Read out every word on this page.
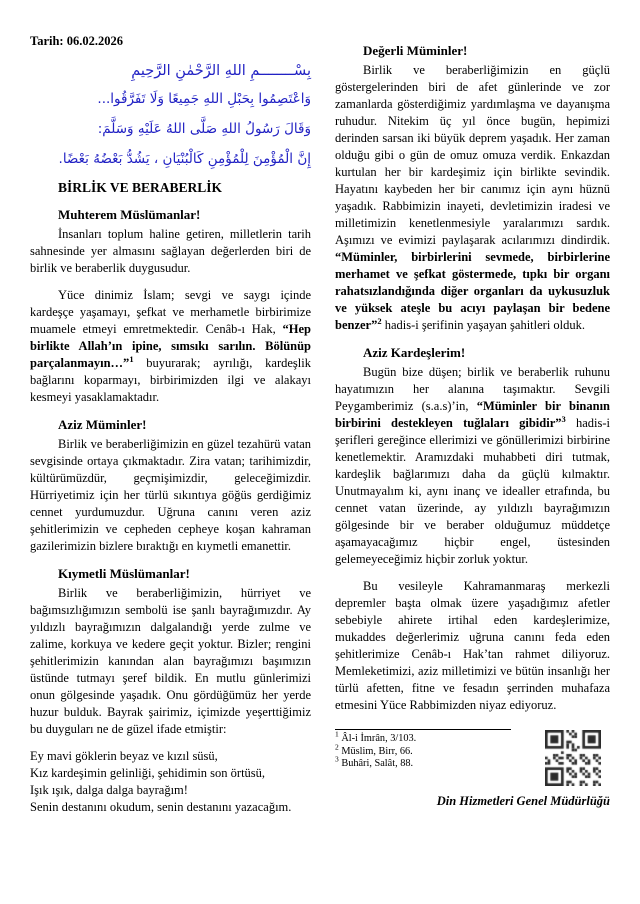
Tarih: 06.02.2026
بِسْــــــــمِ اللهِ الرَّحْمٰنِ الرَّحِيمِ
وَاعْتَصِمُوا بِحَبْلِ اللهِ جَمِيعًا وَلَا تَفَرَّقُوا...
وَقَالَ رَسُولُ اللهِ صَلَّى اللهُ عَلَيْهِ وَسَلَّمَ:
إِنَّ الْمُؤْمِنَ لِلْمُؤْمِنِ كَالْبُنْيَانِ ، يَشُدُّ بَعْضُهُ بَعْضًا.
BİRLİK VE BERABERLİK

Muhterem Müslümanlar!

İnsanları toplum haline getiren, milletlerin tarih sahnesinde yer almasını sağlayan değerlerden biri de birlik ve beraberlik duygusudur.

Yüce dinimiz İslam; sevgi ve saygı içinde kardeşçe yaşamayı, şefkat ve merhametle birbirimize muamele etmeyi emretmektedir. Cenâb-ı Hak, “Hep birlikte Allah’ın ipine, sımsıkı sarılın. Bölünüp parçalanmayın…”$^1$ buyurarak; ayrılığı, kardeşlik bağlarını koparmayı, birbirimizden ilgi ve alakayı kesmeyi yasaklamaktadır.

Aziz Müminler!

Birlik ve beraberliğimizin en güzel tezahürü vatan sevgisinde ortaya çıkmaktadır. Zira vatan; tarihimizdir, kültürümüzdür, geçmişimizdir, geleceğimizdir. Hürriyetimiz için her türlü sıkıntıya göğüs gerdiğimiz cennet yurdumuzdur. Uğruna canını veren aziz şehitlerimizin ve cepheden cepheye koşan kahraman gazilerimizin bizlere bıraktığı en kıymetli emanettir.

Kıymetli Müslümanlar!

Birlik ve beraberliğimizin, hürriyet ve bağımsızlığımızın sembolü ise şanlı bayrağımızdır. Ay yıldızlı bayrağımızın dalgalandığı yerde zulme ve zalime, korkuya ve kedere geçit yoktur. Bizler; rengini şehitlerimizin kanından alan bayrağımızı başımızın üstünde tutmayı şeref bildik. En mutlu günlerimizi onun gölgesinde yaşadık. Onu gördüğümüz her yerde huzur bulduk. Bayrak şairimiz, içimizde yeşerttiğimiz bu duyguları ne de güzel ifade etmiştir:

Ey mavi göklerin beyaz ve kızıl süsü,

Kız kardeşimin gelinliği, şehidimin son örtüsü,

Işık ışık, dalga dalga bayrağım!

Senin destanını okudum, senin destanını yazacağım.

Değerli Müminler!

Birlik ve beraberliğimizin en güçlü göstergelerinden biri de afet günlerinde ve zor zamanlarda gösterdiğimiz yardımlaşma ve dayanışma ruhudur. Nitekim üç yıl önce bugün, hepimizi derinden sarsan iki büyük deprem yaşadık. Her zaman olduğu gibi o gün de omuz omuza verdik. Enkazdan kurtulan her bir kardeşimiz için birlikte sevindik. Hayatını kaybeden her bir canımız için aynı hüznü yaşadık. Rabbimizin inayeti, devletimizin iradesi ve milletimizin kenetlenmesiyle yaralarımızı sardık. Aşımızı ve evimizi paylaşarak acılarımızı dindirdik. “Müminler, birbirlerini sevmede, birbirlerine merhamet ve şefkat göstermede, tıpkı bir organı rahatsızlandığında diğer organları da uykusuzluk ve yüksek ateşle bu acıyı paylaşan bir bedene benzer”$^2$ hadis-i şerifinin yaşayan şahitleri olduk.

Aziz Kardeşlerim!

Bugün bize düşen; birlik ve beraberlik ruhunu hayatımızın her alanına taşımaktır. Sevgili Peygamberimiz (s.a.s)’in, “Müminler bir binanın birbirini destekleyen tuğlaları gibidir”$^3$ hadis-i şerifleri gereğince ellerimizi ve gönüllerimizi birbirine kenetlemektir. Aramızdaki muhabbeti diri tutmak, kardeşlik bağlarımızı daha da güçlü kılmaktır. Unutmayalım ki, aynı inanç ve idealler etrafında, bu cennet vatan üzerinde, ay yıldızlı bayrağımızın gölgesinde bir ve beraber olduğumuz müddetçe aşamayacağımız hiçbir engel, üstesinden gelemeyeceğimiz hiçbir zorluk yoktur.

Bu vesileyle Kahramanmaraş merkezli depremler başta olmak üzere yaşadığımız afetler sebebiyle ahirete irtihal eden kardeşlerimize, mukaddes değerlerimiz uğruna canını feda eden şehitlerimize Cenâb-ı Hak’tan rahmet diliyoruz. Memleketimizi, aziz milletimizi ve bütün insanlığı her türlü afetten, fitne ve fesadın şerrinden muhafaza etmesini Yüce Rabbimizden niyaz ediyoruz.

$^1$ Âl-i İmrân, 3/103.
$^2$ Müslim, Birr, 66.
$^3$ Buhâri, Salât, 88.
Din Hizmetleri Genel Müdürlüğü
